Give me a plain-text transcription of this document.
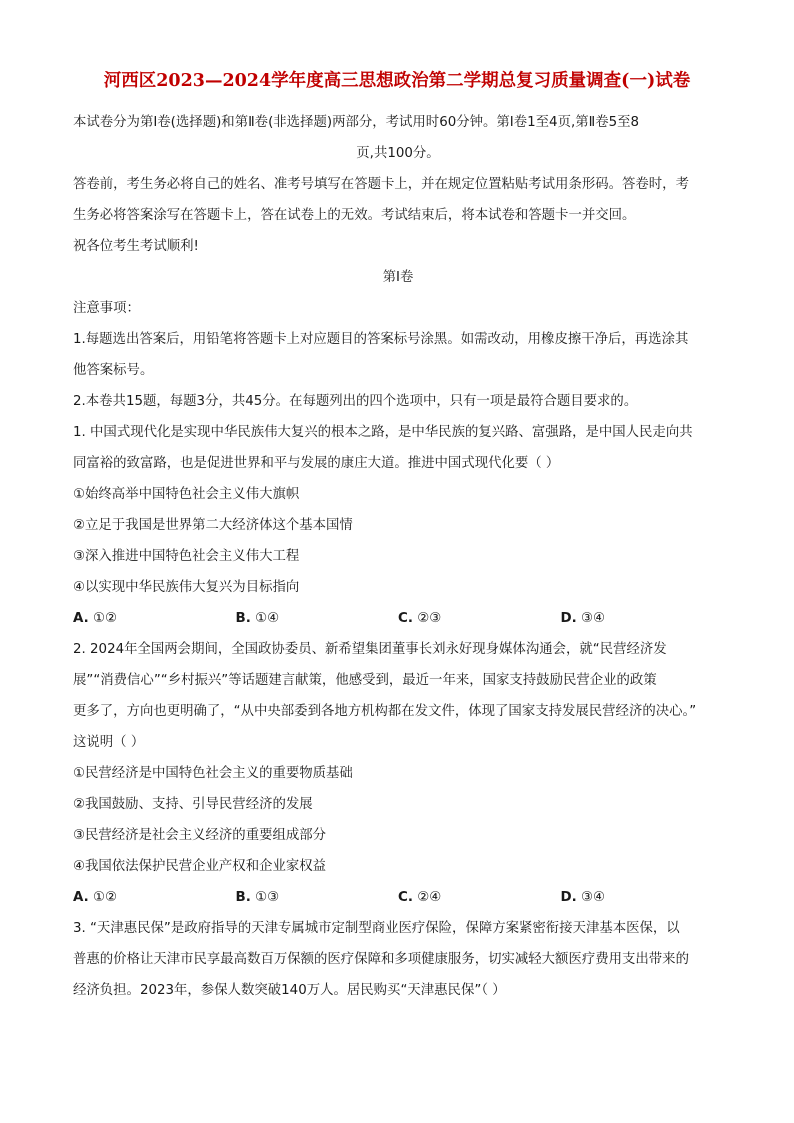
河西区2023—2024学年度高三思想政治第二学期总复习质量调查(一)试卷

本试卷分为第Ⅰ卷(选择题)和第Ⅱ卷(非选择题)两部分，考试用时60分钟。第Ⅰ卷1至4页,第Ⅱ卷5至8

页,共100分。

答卷前，考生务必将自己的姓名、准考号填写在答题卡上，并在规定位置粘贴考试用条形码。答卷时，考

生务必将答案涂写在答题卡上，答在试卷上的无效。考试结束后，将本试卷和答题卡一并交回。

祝各位考生考试顺利!

第Ⅰ卷

注意事项：

1.每题选出答案后，用铅笔将答题卡上对应题目的答案标号涂黑。如需改动，用橡皮擦干净后，再选涂其

他答案标号。

2.本卷共15题，每题3分，共45分。在每题列出的四个选项中，只有一项是最符合题目要求的。

1. 中国式现代化是实现中华民族伟大复兴的根本之路，是中华民族的复兴路、富强路，是中国人民走向共

同富裕的致富路，也是促进世界和平与发展的康庄大道。推进中国式现代化要（ ）

①始终高举中国特色社会主义伟大旗帜

②立足于我国是世界第二大经济体这个基本国情

③深入推进中国特色社会主义伟大工程

④以实现中华民族伟大复兴为目标指向

A. ①②	B. ①④	C. ②③	D. ③④

2. 2024年全国两会期间，全国政协委员、新希望集团董事长刘永好现身媒体沟通会，就“民营经济发

展”“消费信心”“乡村振兴”等话题建言献策，他感受到，最近一年来，国家支持鼓励民营企业的政策

更多了，方向也更明确了，“从中央部委到各地方机构都在发文件，体现了国家支持发展民营经济的决心。”

这说明（ ）

①民营经济是中国特色社会主义的重要物质基础

②我国鼓励、支持、引导民营经济的发展

③民营经济是社会主义经济的重要组成部分

④我国依法保护民营企业产权和企业家权益

A. ①②	B. ①③	C. ②④	D. ③④

3. “天津惠民保”是政府指导的天津专属城市定制型商业医疗保险，保障方案紧密衔接天津基本医保，以

普惠的价格让天津市民享最高数百万保额的医疗保障和多项健康服务，切实减轻大额医疗费用支出带来的

经济负担。2023年，参保人数突破140万人。居民购买“天津惠民保”（ ）
